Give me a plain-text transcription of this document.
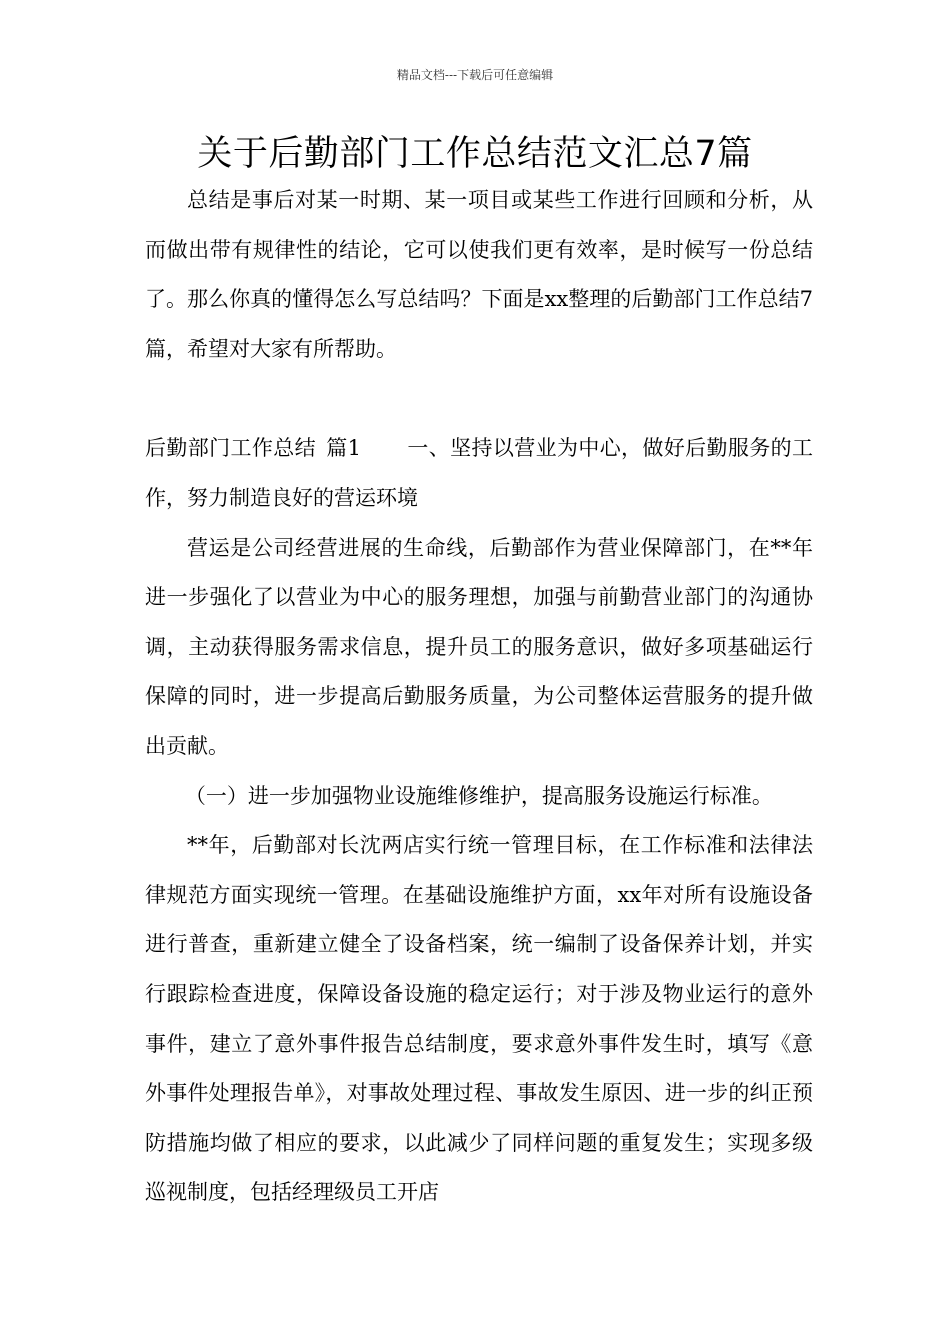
精品文档---下载后可任意编辑
关于后勤部门工作总结范文汇总7篇

总结是事后对某一时期、某一项目或某些工作进行回顾和分析，从而做出带有规律性的结论，它可以使我们更有效率，是时候写一份总结了。那么你真的懂得怎么写总结吗？下面是xx整理的后勤部门工作总结7篇，希望对大家有所帮助。

后勤部门工作总结 篇1 一、坚持以营业为中心，做好后勤服务的工作，努力制造良好的营运环境

营运是公司经营进展的生命线，后勤部作为营业保障部门，在**年进一步强化了以营业为中心的服务理想，加强与前勤营业部门的沟通协调，主动获得服务需求信息，提升员工的服务意识，做好多项基础运行保障的同时，进一步提高后勤服务质量，为公司整体运营服务的提升做出贡献。

（一）进一步加强物业设施维修维护，提高服务设施运行标准。

**年，后勤部对长沈两店实行统一管理目标，在工作标准和法律法律规范方面实现统一管理。在基础设施维护方面，xx年对所有设施设备进行普查，重新建立健全了设备档案，统一编制了设备保养计划，并实行跟踪检查进度，保障设备设施的稳定运行；对于涉及物业运行的意外事件，建立了意外事件报告总结制度，要求意外事件发生时，填写《意外事件处理报告单》，对事故处理过程、事故发生原因、进一步的纠正预防措施均做了相应的要求，以此减少了同样问题的重复发生；实现多级巡视制度，包括经理级员工开店
